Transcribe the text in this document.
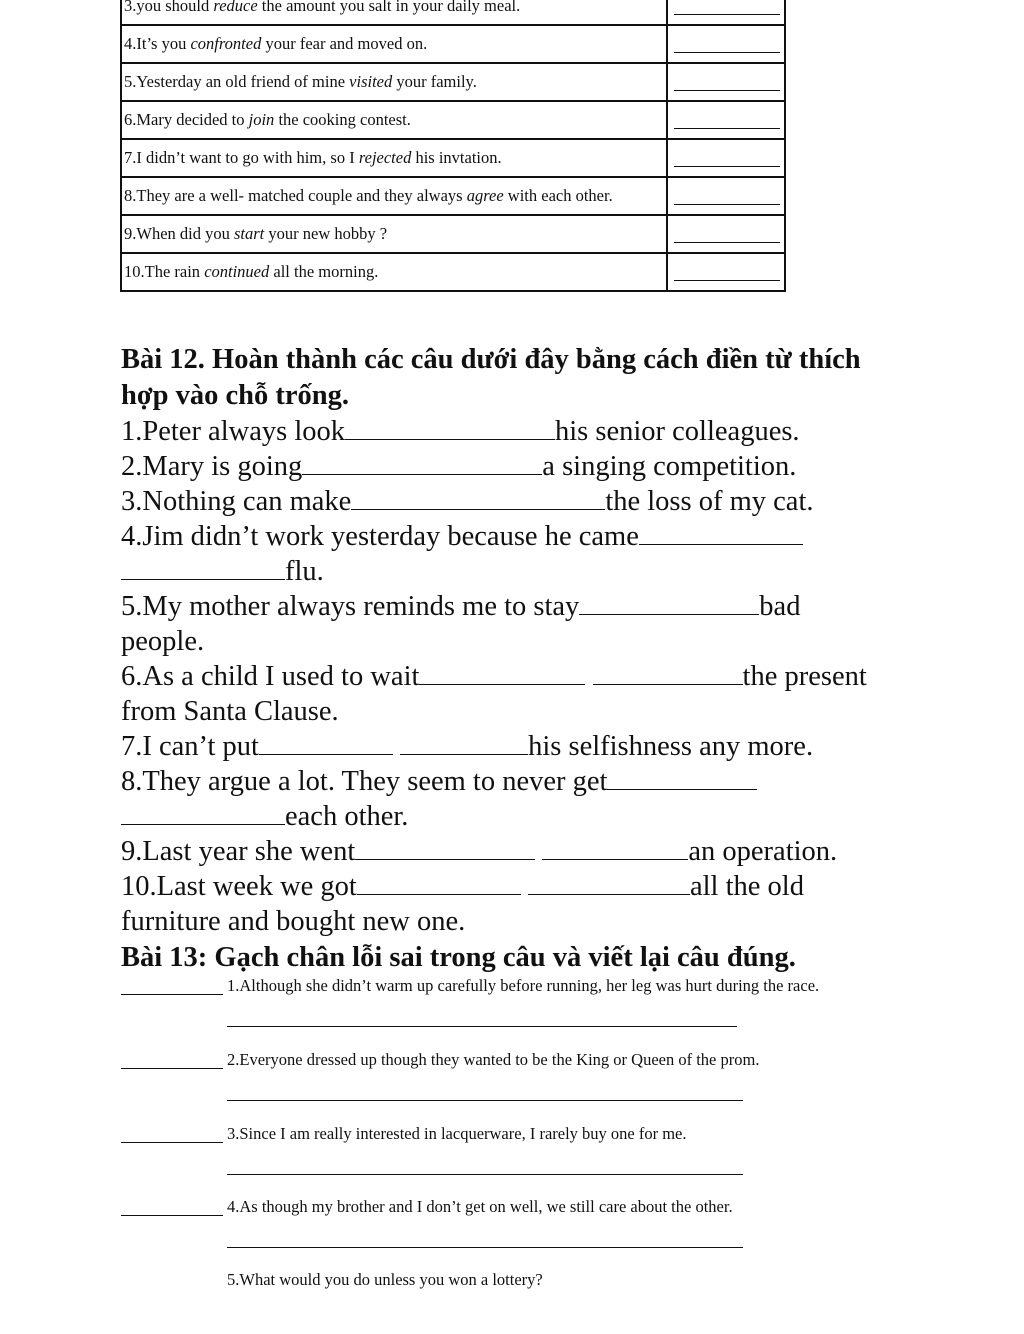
3.you should reduce the amount you salt in your daily meal.	

4.It’s you confronted your fear and moved on.	

5.Yesterday an old friend of mine visited your family.	

6.Mary decided to join the cooking contest.	

7.I didn’t want to go with him, so I rejected his invtation.	

8.They are a well- matched couple and they always agree with each other.	

9.When did you start your new hobby ?	

10.The rain continued all the morning.	
Bài 12. Hoàn thành các câu dưới đây bằng cách điền từ thích
hợp vào chỗ trống.
1.Peter always look	his senior colleagues.
2.Mary is going	a singing competition.
3.Nothing can make	the loss of my cat.
4.Jim didn’t work yesterday because he came
flu.
5.My mother always reminds me to stay	bad
people.
6.As a child I used to wait	the present
from Santa Clause.
7.I can’t put	his selfishness any more.
8.They argue a lot. They seem to never get
each other.
9.Last year she went	an operation.
10.Last week we got	all the old
furniture and bought new one.
Bài 13: Gạch chân lỗi sai trong câu và viết lại câu đúng.
1.Although she didn’t warm up carefully before running, her leg was hurt during the race.
2.Everyone dressed up though they wanted to be the King or Queen of the prom.
3.Since I am really interested in lacquerware, I rarely buy one for me.
4.As though my brother and I don’t get on well, we still care about the other.
5.What would you do unless you won a lottery?
